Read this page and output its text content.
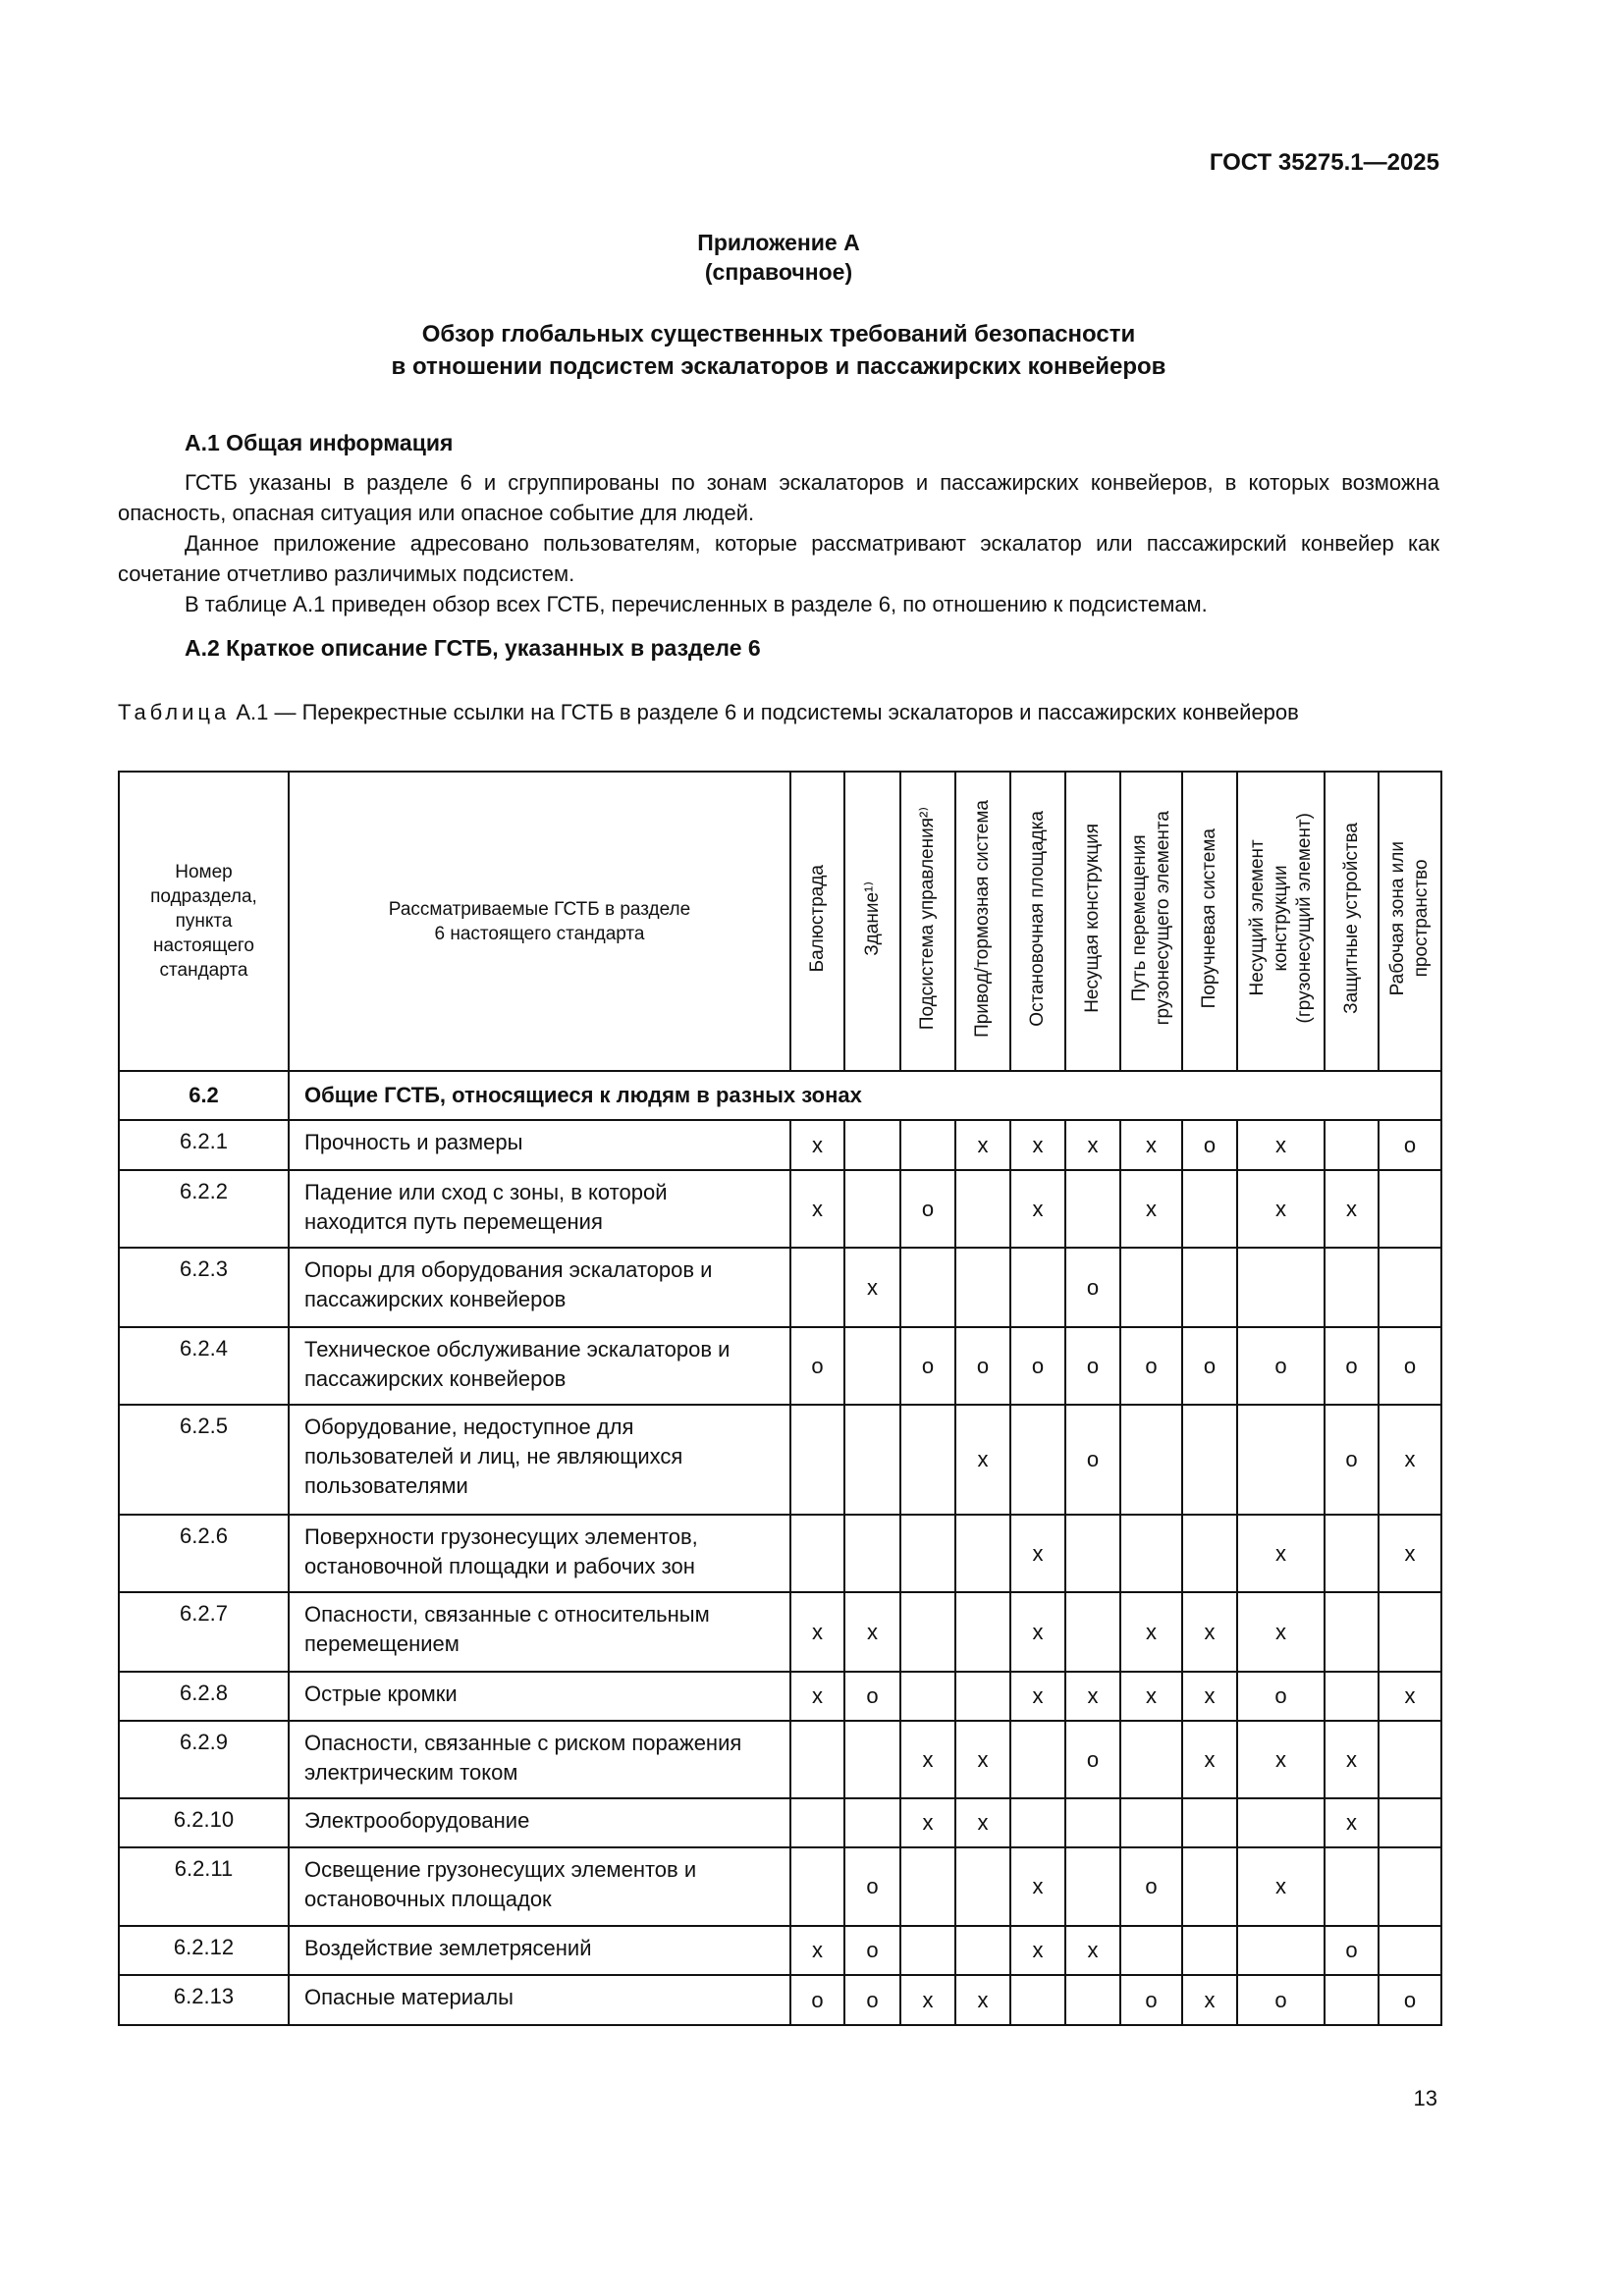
ГОСТ 35275.1—2025
Приложение А
(справочное)
Обзор глобальных существенных требований безопасности
в отношении подсистем эскалаторов и пассажирских конвейеров
А.1 Общая информация

ГСТБ указаны в разделе 6 и сгруппированы по зонам эскалаторов и пассажирских конвейеров, в которых возможна опасность, опасная ситуация или опасное событие для людей.

Данное приложение адресовано пользователям, которые рассматривают эскалатор или пассажирский конвейер как сочетание отчетливо различимых подсистем.

В таблице А.1 приведен обзор всех ГСТБ, перечисленных в разделе 6, по отношению к подсистемам.

А.2 Краткое описание ГСТБ, указанных в разделе 6
Таблица А.1 — Перекрестные ссылки на ГСТБ в разделе 6 и подсистемы эскалаторов и пассажирских конвейеров
Номер подраздела, пункта настоящего стандарта	Рассматриваемые ГСТБ в разделе 6 настоящего стандарта	Балюстрада	Здание¹⁾	Подсистема управления²⁾	Привод/тормозная система	Остановочная площадка	Несущая конструкция	Путь перемещения
грузонесущего элемента	Поручневая система	Несущий элемент
конструкции
(грузонесущий элемент)	Защитные устройства	Рабочая зона или
пространство
6.2	Общие ГСТБ, относящиеся к людям в разных зонах											
6.2.1	Прочность и размеры	x			x	x	x	x	o	x		o
6.2.2	Падение или сход с зоны, в которой находится путь перемещения	x		o		x		x		x	x	
6.2.3	Опоры для оборудования эскалаторов и пассажирских конвейеров		x				o					
6.2.4	Техническое обслуживание эскалаторов и пассажирских конвейеров	o		o	o	o	o	o	o	o	o	o
6.2.5	Оборудование, недоступное для пользователей и лиц, не являющихся пользователями				x		o				o	x
6.2.6	Поверхности грузонесущих элементов, остановочной площадки и рабочих зон					x				x		x
6.2.7	Опасности, связанные с относительным перемещением	x	x			x		x	x	x		
6.2.8	Острые кромки	x	o			x	x	x	x	o		x
6.2.9	Опасности, связанные с риском поражения электрическим током			x	x		o		x	x	x	
6.2.10	Электрооборудование			x	x						x	
6.2.11	Освещение грузонесущих элементов и остановочных площадок		o			x		o		x		
6.2.12	Воздействие землетрясений	x	o			x	x				o	
6.2.13	Опасные материалы	o	o	x	x			o	x	o		o
13
